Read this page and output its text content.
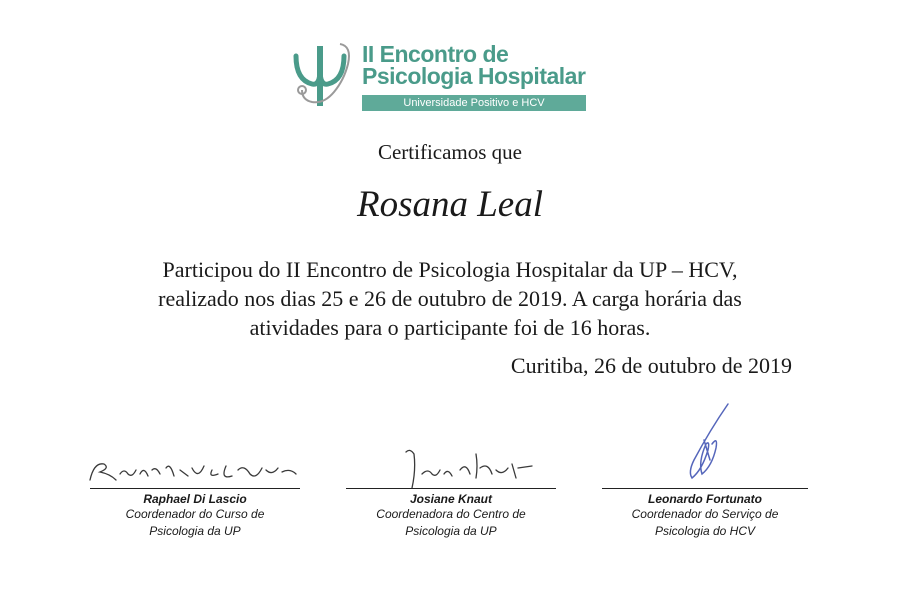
II Encontro de
Psicologia Hospitalar
Universidade Positivo e HCV
Certificamos que
Rosana Leal
Participou do II Encontro de Psicologia Hospitalar da UP – HCV, realizado nos dias 25 e 26 de outubro de 2019. A carga horária das atividades para o participante foi de 16 horas.
Curitiba, 26 de outubro de 2019
Raphael Di Lascio
Coordenador do Curso de
Psicologia da UP
Josiane Knaut
Coordenadora do Centro de
Psicologia da UP
Leonardo Fortunato
Coordenador do Serviço de
Psicologia do HCV
